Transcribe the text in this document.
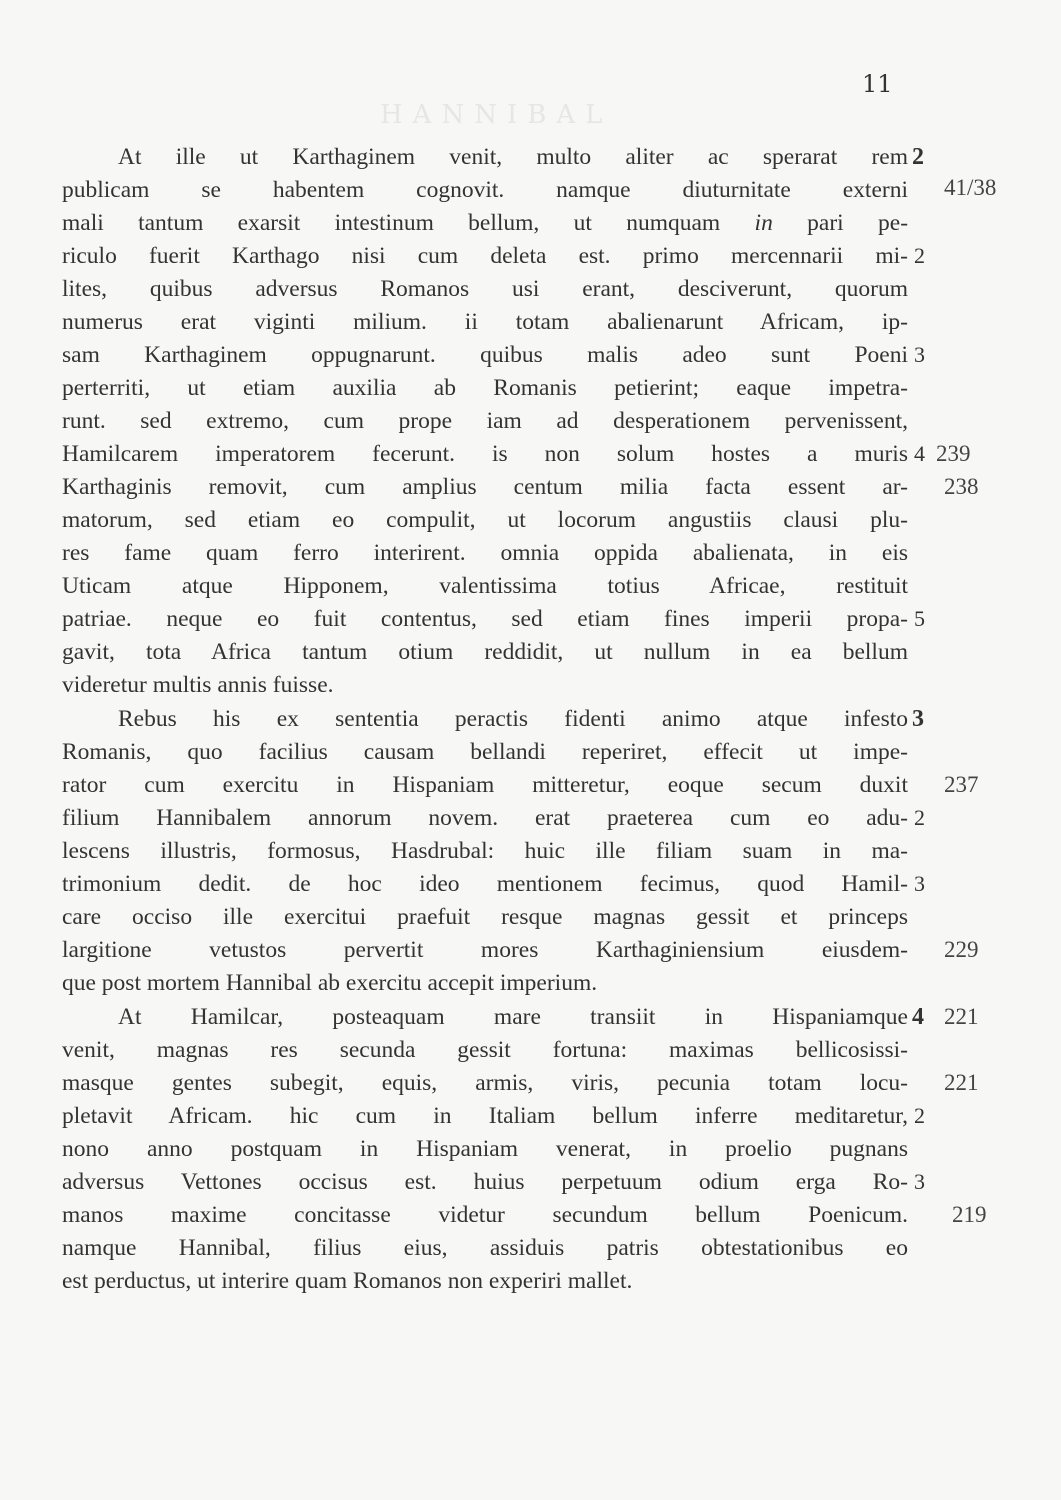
HANNIBAL
11
At ille ut Karthaginem venit, multo aliter ac sperarat rem
publicam se habentem cognovit. namque diuturnitate externi
mali tantum exarsit intestinum bellum, ut numquam in pari pe-
riculo fuerit Karthago nisi cum deleta est. primo mercennarii mi-
lites, quibus adversus Romanos usi erant, desciverunt, quorum
numerus erat viginti milium. ii totam abalienarunt Africam, ip-
sam Karthaginem oppugnarunt. quibus malis adeo sunt Poeni
perterriti, ut etiam auxilia ab Romanis petierint; eaque impetra-
runt. sed extremo, cum prope iam ad desperationem pervenissent,
Hamilcarem imperatorem fecerunt. is non solum hostes a muris
Karthaginis removit, cum amplius centum milia facta essent ar-
matorum, sed etiam eo compulit, ut locorum angustiis clausi plu-
res fame quam ferro interirent. omnia oppida abalienata, in eis
Uticam atque Hipponem, valentissima totius Africae, restituit
patriae. neque eo fuit contentus, sed etiam fines imperii propa-
gavit, tota Africa tantum otium reddidit, ut nullum in ea bellum
videretur multis annis fuisse.
Rebus his ex sententia peractis fidenti animo atque infesto
Romanis, quo facilius causam bellandi reperiret, effecit ut impe-
rator cum exercitu in Hispaniam mitteretur, eoque secum duxit
filium Hannibalem annorum novem. erat praeterea cum eo adu-
lescens illustris, formosus, Hasdrubal: huic ille filiam suam in ma-
trimonium dedit. de hoc ideo mentionem fecimus, quod Hamil-
care occiso ille exercitui praefuit resque magnas gessit et princeps
largitione vetustos pervertit mores Karthaginiensium eiusdem-
que post mortem Hannibal ab exercitu accepit imperium.
At Hamilcar, posteaquam mare transiit in Hispaniamque
venit, magnas res secunda gessit fortuna: maximas bellicosissi-
masque gentes subegit, equis, armis, viris, pecunia totam locu-
pletavit Africam. hic cum in Italiam bellum inferre meditaretur,
nono anno postquam in Hispaniam venerat, in proelio pugnans
adversus Vettones occisus est. huius perpetuum odium erga Ro-
manos maxime concitasse videtur secundum bellum Poenicum.
namque Hannibal, filius eius, assiduis patris obtestationibus eo
est perductus, ut interire quam Romanos non experiri mallet.
2
2
3
4
5
3
2
3
4
2
3
41/38
239
238
237
229
221
221
219
